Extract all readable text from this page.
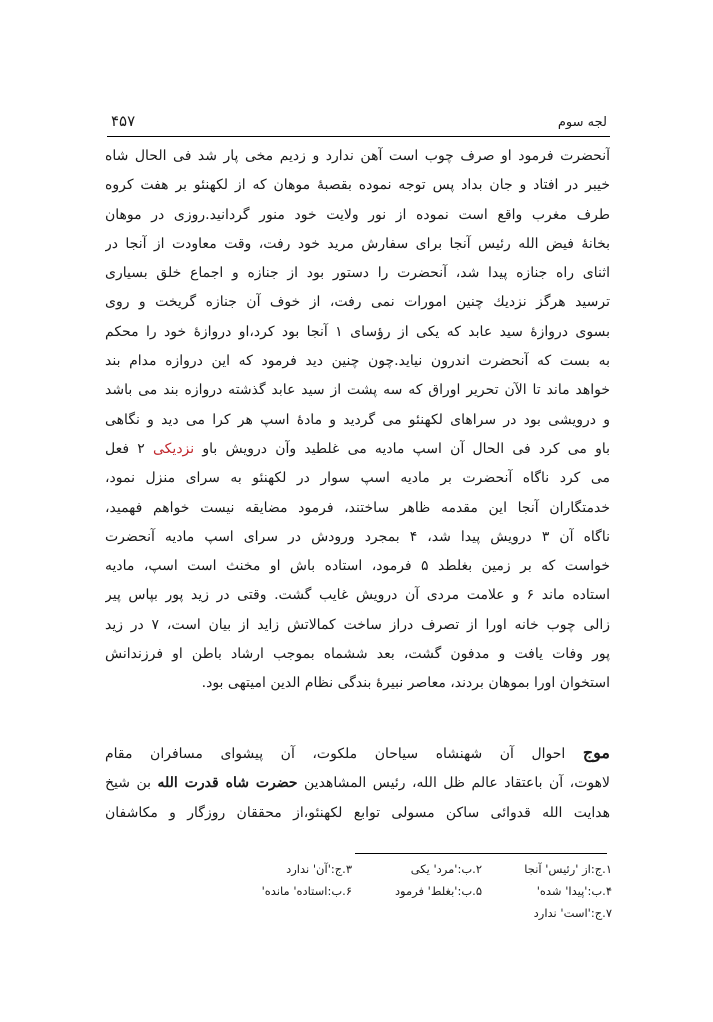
لجه سوم
۴۵۷
آنحضرت فرمود او صرف چوب است آهن ندارد و زدیم مخی پار شد فی الحال شاه
خیبر در افتاد و جان بداد پس توجه نموده بقصبهٔ موهان که از لکهنئو بر هفت کروه
طرف مغرب واقع است نموده از نور ولایت خود منور گردانید.روزی در موهان
بخانهٔ فیض الله رئیس آنجا برای سفارش مرید خود رفت، وقت معاودت از آنجا در
اثنای راه جنازه پیدا شد، آنحضرت را دستور بود از جنازه و اجماع خلق بسیاری
ترسید هرگز نزدیك چنین امورات نمی رفت، از خوف آن جنازه گریخت و روی
بسوی دروازهٔ سید عابد که یکی از رؤسای ۱ آنجا بود کرد،او دروازهٔ خود را محکم
به بست که آنحضرت اندرون نیاید.چون چنین دید فرمود که این دروازه مدام بند
خواهد ماند تا الآن تحریر اوراق که سه پشت از سید عابد گذشته دروازه بند می باشد
و درویشی بود در سراهای لکهنئو می گردید و مادهٔ اسپ هر کرا می دید و نگاهی
باو می کرد فی الحال آن اسپ مادیه می غلطید وآن درویش باو نزدیکی ۲ فعل
می کرد ناگاه آنحضرت بر مادیه اسپ سوار در لکهنئو به سرای منزل نمود،
خدمتگاران آنجا این مقدمه ظاهر ساختند، فرمود مضایقه نیست خواهم فهمید،
ناگاه آن ۳ درویش پیدا شد، ۴ بمجرد ورودش در سرای اسپ مادیه آنحضرت
خواست که بر زمین بغلطد ۵ فرمود، استاده باش او مخنث است اسپ، مادیه
استاده ماند ۶ و علامت مردی آن درویش غایب گشت. وقتی در زید پور بپاس پیر
زالی چوب خانه اورا از تصرف دراز ساخت کمالاتش زاید از بیان است، ۷ در زید
پور وفات یافت و مدفون گشت، بعد ششماه بموجب ارشاد باطن او فرزندانش
استخوان اورا بموهان بردند، معاصر نبیرهٔ بندگی نظام الدین امیتهی بود.
موج احوال آن شهنشاه سیاحان ملکوت، آن پیشوای مسافران مقام
لاهوت، آن باعتقاد عالم ظل الله، رئیس المشاهدین حضرت شاه قدرت الله بن شیخ
هدایت الله قدوائی ساکن مسولی توابع لکهنئو،از محققان روزگار و مکاشفان
۱.ج:از 'رئیس' آنجا
۲.ب:'مرد' یکی
۳.ج:'آن' ندارد
۴.ب:'پیدا' شده'
۵.ب:'بغلط' فرمود
۶.ب:استاده' مانده'
۷.ج:'است' ندارد
